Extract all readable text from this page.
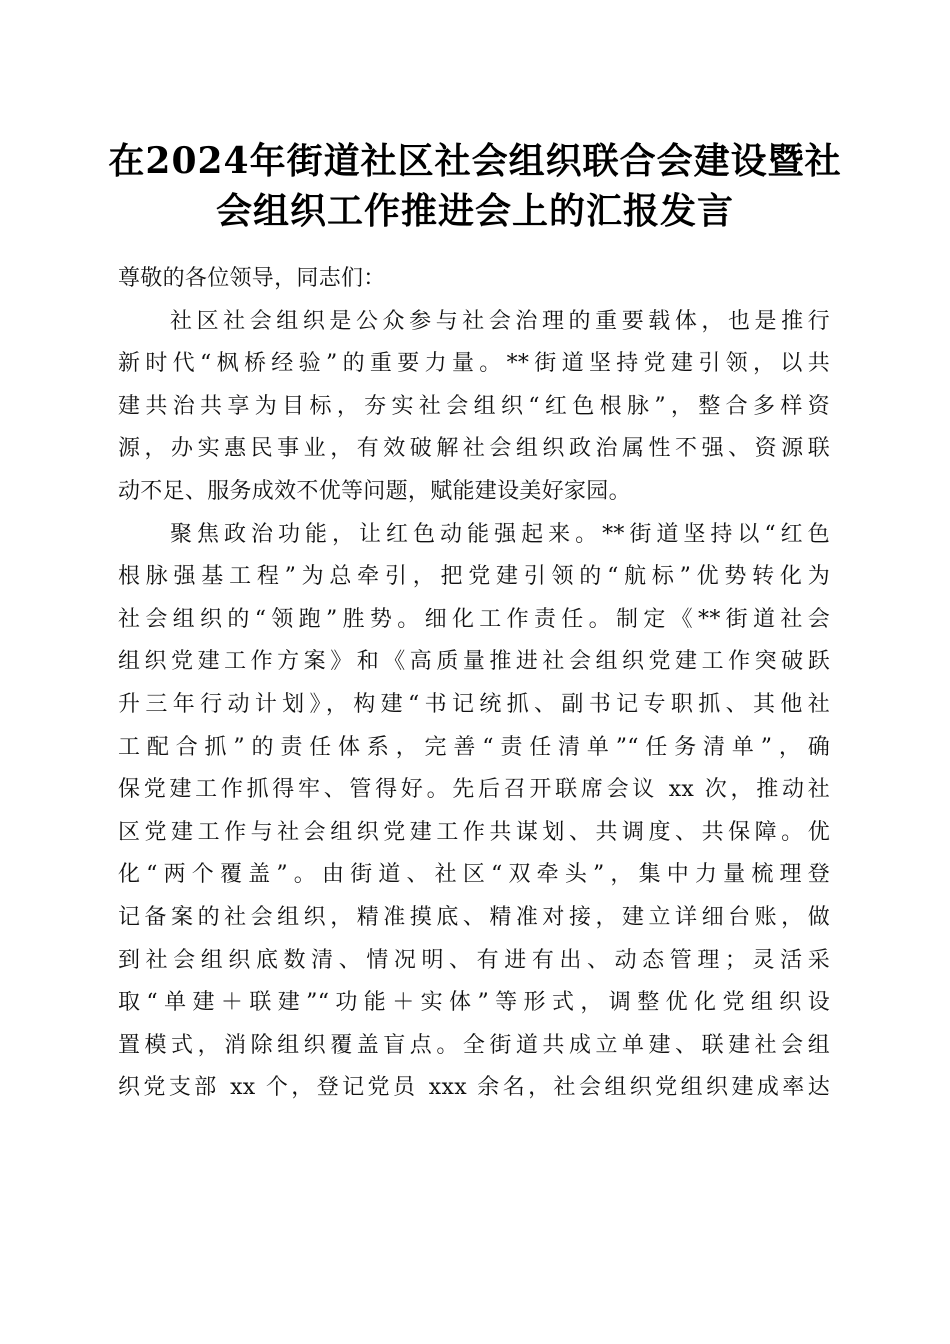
在2024年街道社区社会组织联合会建设暨社
会组织工作推进会上的汇报发言
尊敬的各位领导，同志们：
社区社会组织是公众参与社会治理的重要载体，也是推行
新时代“枫桥经验”的重要力量。**街道坚持党建引领，以共
建共治共享为目标，夯实社会组织“红色根脉”，整合多样资
源，办实惠民事业，有效破解社会组织政治属性不强、资源联
动不足、服务成效不优等问题，赋能建设美好家园。
聚焦政治功能，让红色动能强起来。**街道坚持以“红色
根脉强基工程”为总牵引，把党建引领的“航标”优势转化为
社会组织的“领跑”胜势。细化工作责任。制定《**街道社会
组织党建工作方案》和《高质量推进社会组织党建工作突破跃
升三年行动计划》，构建“书记统抓、副书记专职抓、其他社
工配合抓”的责任体系，完善“责任清单”“任务清单”，确
保党建工作抓得牢、管得好。先后召开联席会议 xx 次，推动社
区党建工作与社会组织党建工作共谋划、共调度、共保障。优
化“两个覆盖”。由街道、社区“双牵头”，集中力量梳理登
记备案的社会组织，精准摸底、精准对接，建立详细台账，做
到社会组织底数清、情况明、有进有出、动态管理；灵活采
取“单建＋联建”“功能＋实体”等形式，调整优化党组织设
置模式，消除组织覆盖盲点。全街道共成立单建、联建社会组
织党支部 xx 个，登记党员 xxx 余名，社会组织党组织建成率达
